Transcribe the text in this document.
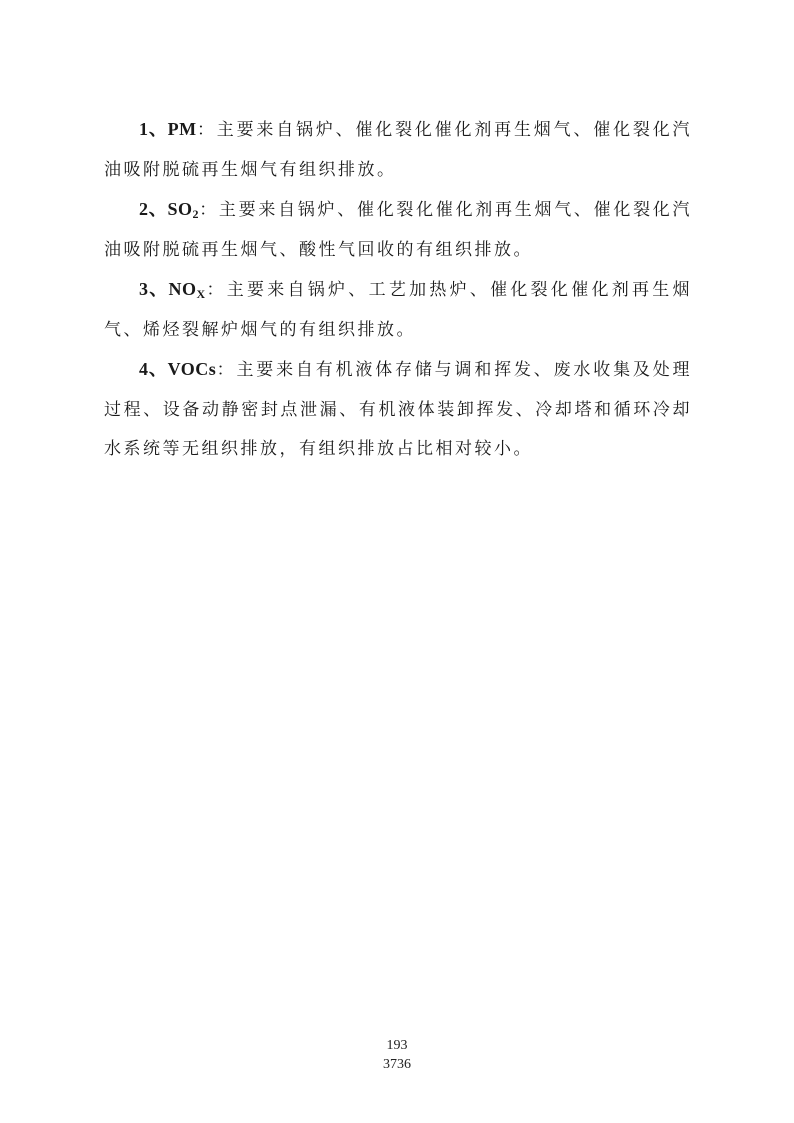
1、PM：主要来自锅炉、催化裂化催化剂再生烟气、催化裂化汽油吸附脱硫再生烟气有组织排放。

2、$SO_2$：主要来自锅炉、催化裂化催化剂再生烟气、催化裂化汽油吸附脱硫再生烟气、酸性气回收的有组织排放。

3、$NO_X$：主要来自锅炉、工艺加热炉、催化裂化催化剂再生烟气、烯烃裂解炉烟气的有组织排放。

4、VOCs：主要来自有机液体存储与调和挥发、废水收集及处理过程、设备动静密封点泄漏、有机液体装卸挥发、冷却塔和循环冷却水系统等无组织排放，有组织排放占比相对较小。

193
3736
